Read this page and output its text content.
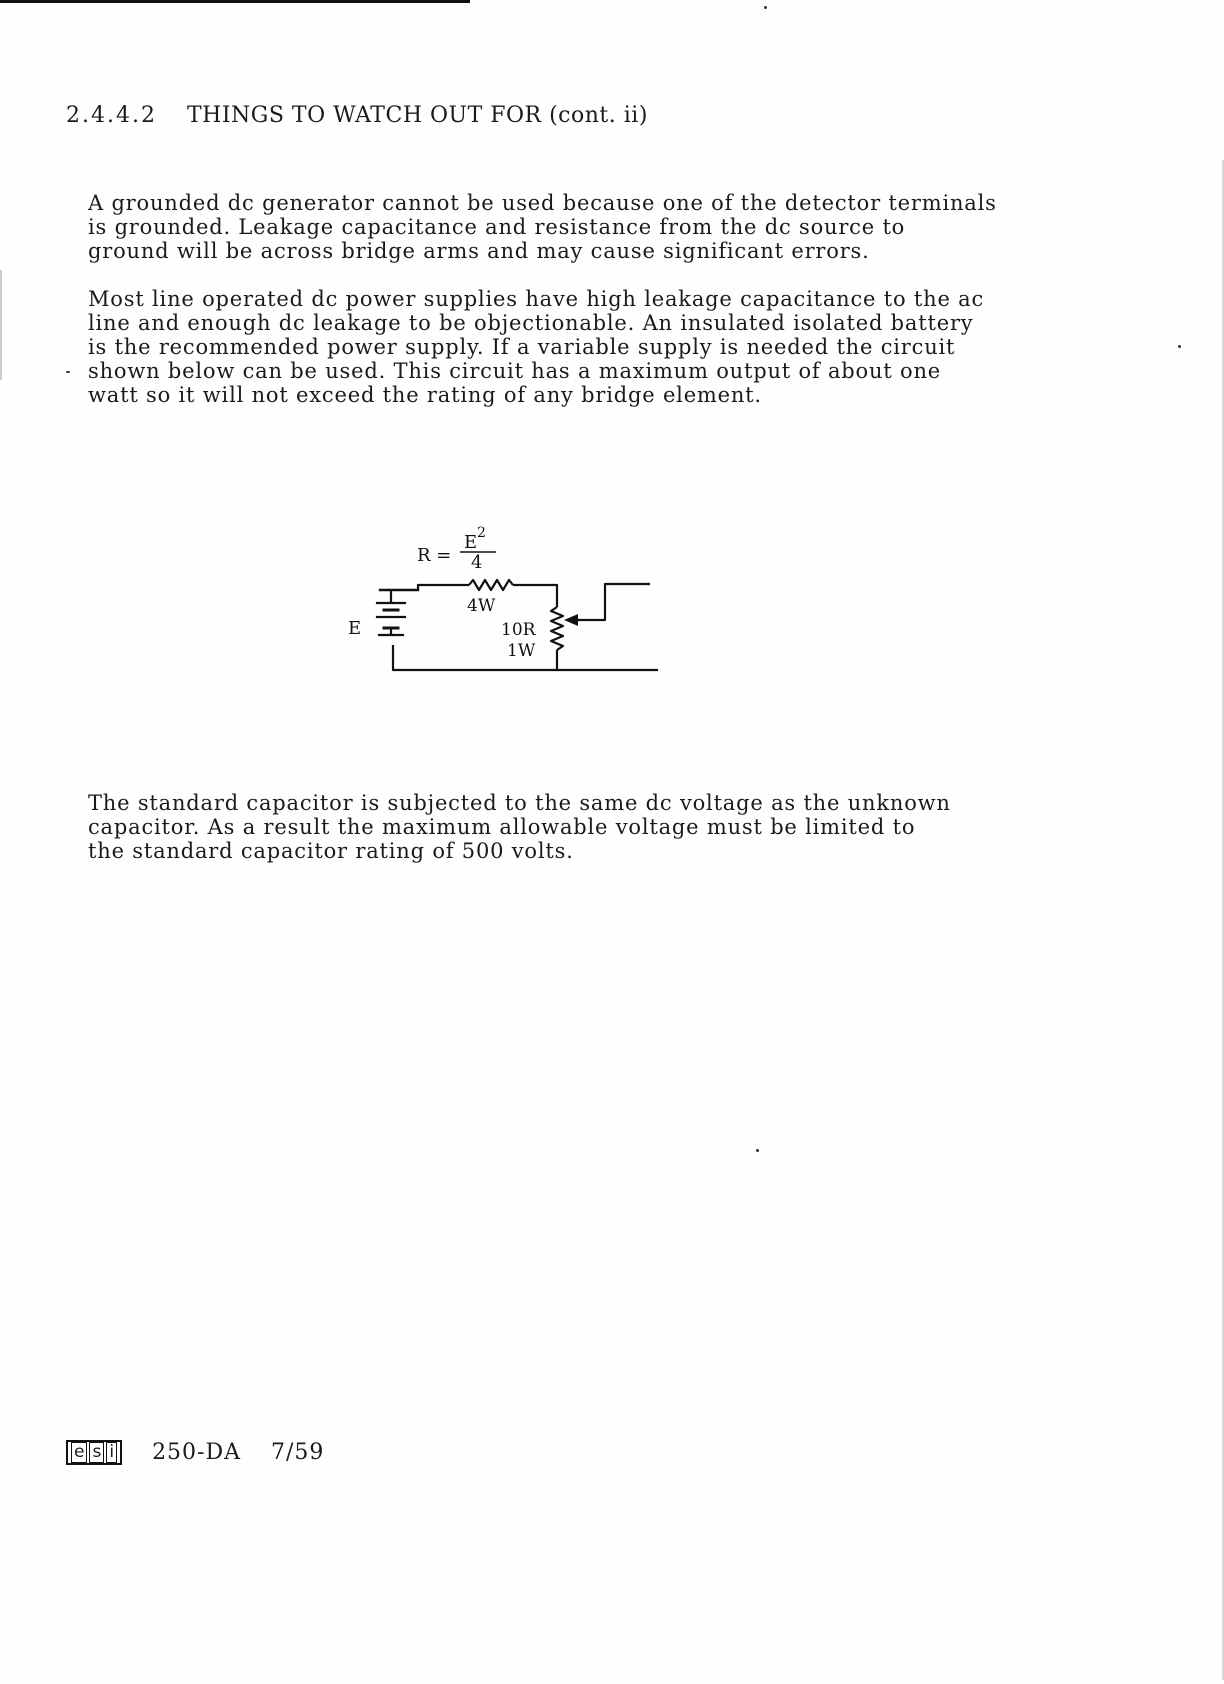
2.4.4.2 THINGS TO WATCH OUT FOR (cont. ii)

A grounded dc generator cannot be used because one of the detector terminals
is grounded. Leakage capacitance and resistance from the dc source to
ground will be across bridge arms and may cause significant errors.

Most line operated dc power supplies have high leakage capacitance to the ac
line and enough dc leakage to be objectionable. An insulated isolated battery
is the recommended power supply. If a variable supply is needed the circuit
shown below can be used. This circuit has a maximum output of about one
watt so it will not exceed the rating of any bridge element.

R =
E 2
4
4W
E	10R
1W

The standard capacitor is subjected to the same dc voltage as the unknown
capacitor. As a result the maximum allowable voltage must be limited to
the standard capacitor rating of 500 volts.

e s i	250-DA 7/59
